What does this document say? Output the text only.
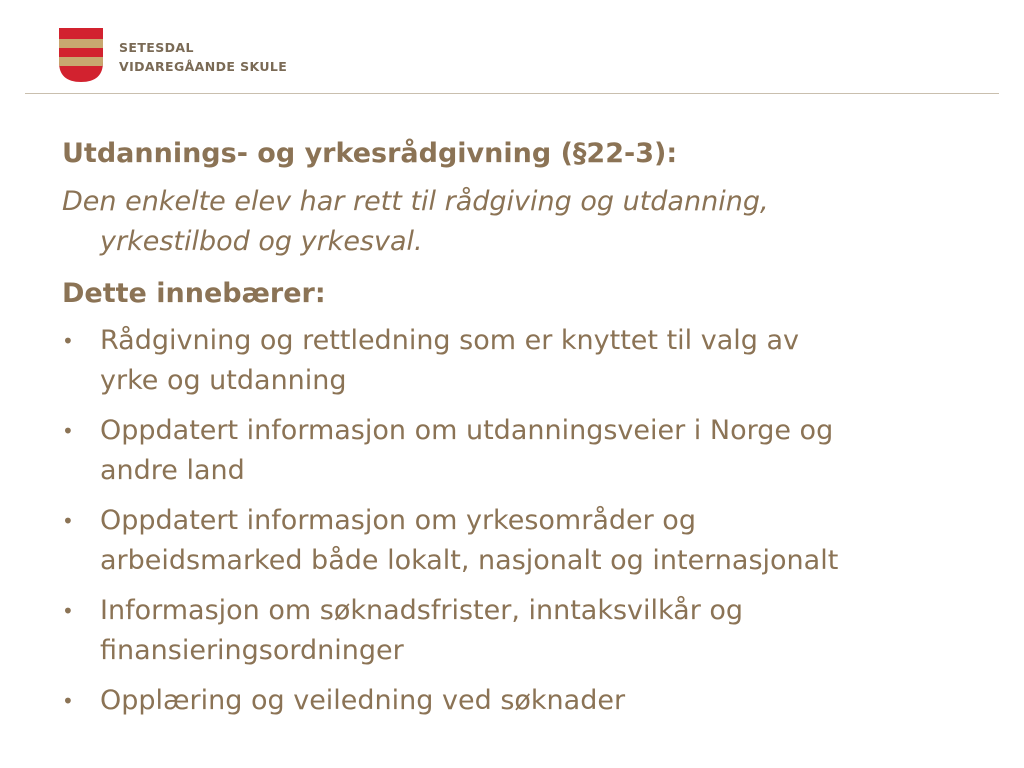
SETESDAL
VIDAREGÅANDE SKULE
Utdannings- og yrkesrådgivning (§22-3):
Den enkelte elev har rett til rådgiving og utdanning,
yrkestilbod og yrkesval.
Dette innebærer:
• Rådgivning og rettledning som er knyttet til valg av
yrke og utdanning
• Oppdatert informasjon om utdanningsveier i Norge og
andre land
• Oppdatert informasjon om yrkesområder og
arbeidsmarked både lokalt, nasjonalt og internasjonalt
• Informasjon om søknadsfrister, inntaksvilkår og
finansieringsordninger
• Opplæring og veiledning ved søknader
